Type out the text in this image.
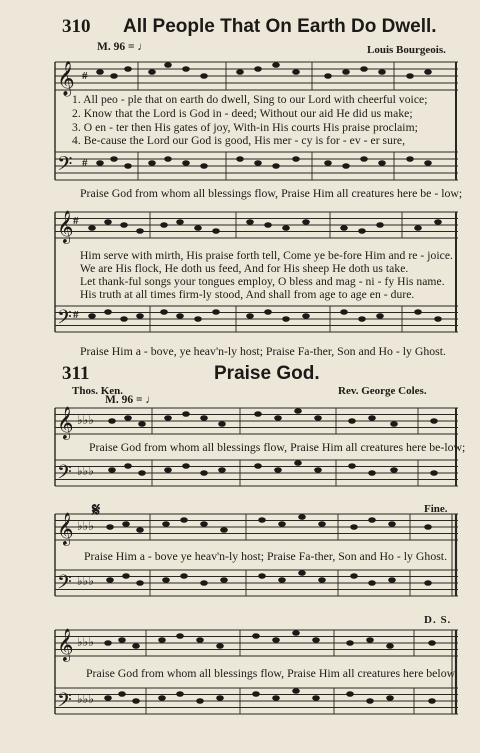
310 All People That On Earth Do Dwell.
M. 96 = ♩	Louis Bourgeois.
𝄞
𝄢
#
#
1. All peo - ple that on earth do dwell, Sing to our Lord with cheerful voice;
2. Know that the Lord is God in - deed; Without our aid He did us make;
3. O en - ter then His gates of joy, With-in His courts His praise proclaim;
4. Be-cause the Lord our God is good, His mer - cy is for - ev - er sure,
Praise God from whom all blessings flow, Praise Him all creatures here be - low;
𝄞
𝄢
#
#
Him serve with mirth, His praise forth tell, Come ye be-fore Him and re - joice.
We are His flock, He doth us feed, And for His sheep He doth us take.
Let thank-ful songs your tongues employ, O bless and mag - ni - fy His name.
His truth at all times firm-ly stood, And shall from age to age en - dure.
Praise Him a - bove, ye heav'n-ly host; Praise Fa-ther, Son and Ho - ly Ghost.
311	Praise God.
Thos. Ken.	Rev. George Coles.
M. 96 = ♩
𝄞
𝄢
♭♭♭
♭♭♭
Praise God from whom all blessings flow, Praise Him all creatures here be-low;
𝄋	Fine.
𝄞
𝄢
♭♭♭
♭♭♭
Praise Him a - bove ye heav'n-ly host; Praise Fa-ther, Son and Ho - ly Ghost.
D. S.
𝄞
𝄢
♭♭♭
♭♭♭
Praise God from whom all blessings flow, Praise Him all creatures here below.
